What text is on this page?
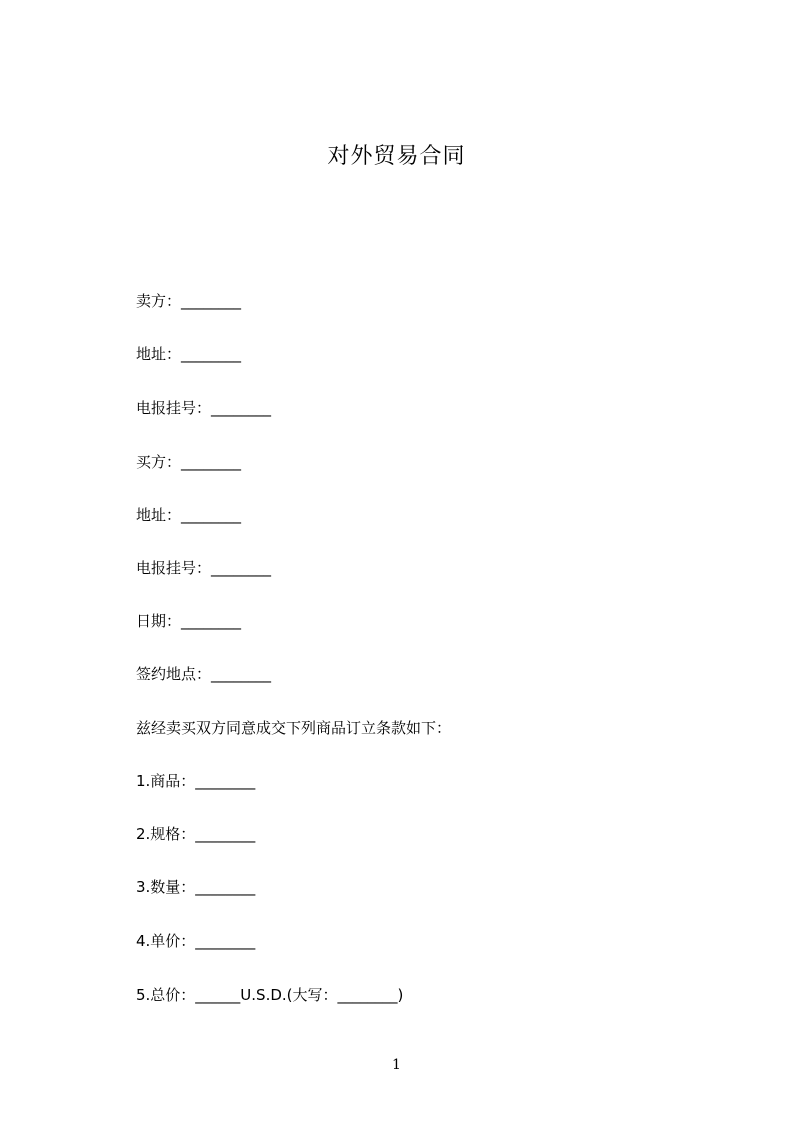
对外贸易合同
卖方：________
地址：________
电报挂号：________
买方：________
地址：________
电报挂号：________
日期：________
签约地点：________
兹经卖买双方同意成交下列商品订立条款如下：
1.商品：________
2.规格：________
3.数量：________
4.单价：________
5.总价：______U.S.D.(大写：________)
1
